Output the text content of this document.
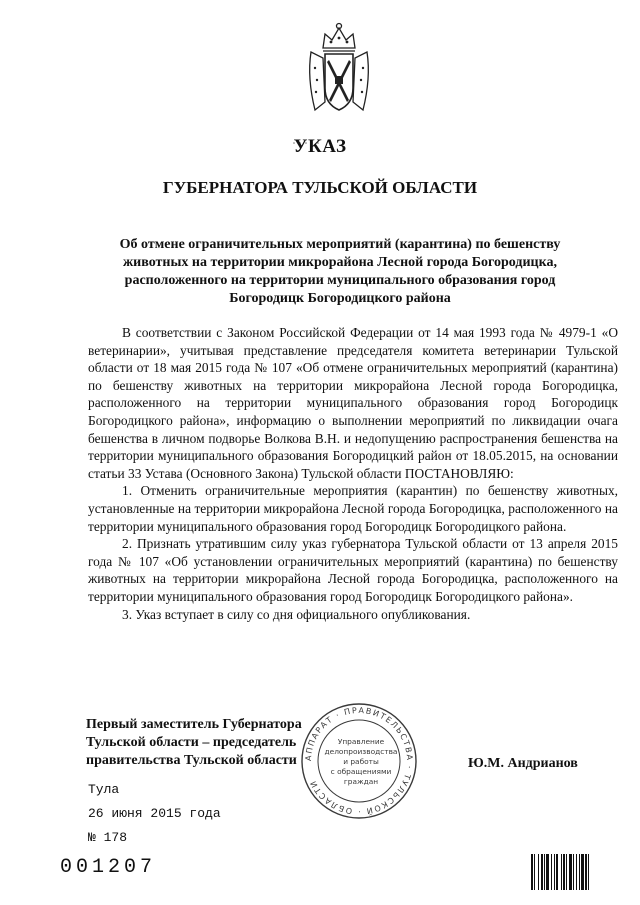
УКАЗ
ГУБЕРНАТОРА ТУЛЬСКОЙ ОБЛАСТИ
Об отмене ограничительных мероприятий (карантина) по бешенству
животных на территории микрорайона Лесной города Богородицка,
расположенного на территории муниципального образования город
Богородицк Богородицкого района

В соответствии с Законом Российской Федерации от 14 мая 1993 года № 4979-1 «О ветеринарии», учитывая представление председателя комитета ветеринарии Тульской области от 18 мая 2015 года № 107 «Об отмене ограничительных мероприятий (карантина) по бешенству животных на территории микрорайона Лесной города Богородицка, расположенного на территории муниципального образования город Богородицк Богородицкого района», информацию о выполнении мероприятий по ликвидации очага бешенства в личном подворье Волкова В.Н. и недопущению распространения бешенства на территории муниципального образования Богородицкий район от 18.05.2015, на основании статьи 33 Устава (Основного Закона) Тульской области ПОСТАНОВЛЯЮ:

1. Отменить ограничительные мероприятия (карантин) по бешенству животных, установленные на территории микрорайона Лесной города Богородицка, расположенного на территории муниципального образования город Богородицк Богородицкого района.

2. Признать утратившим силу указ губернатора Тульской области от 13 апреля 2015 года № 107 «Об установлении ограничительных мероприятий (карантина) по бешенству животных на территории микрорайона Лесной города Богородицка, расположенного на территории муниципального образования город Богородицк Богородицкого района».

3. Указ вступает в силу со дня официального опубликования.

АППАРАТ · ПРАВИТЕЛЬСТВА · ТУЛЬСКОЙ · ОБЛАСТИ
Управление
делопроизводства
и работы
с обращениями
граждан
Первый заместитель Губернатора
Тульской области – председатель
правительства Тульской области	Ю.М. Андрианов
Тула
26 июня 2015 года
№ 178
001207
